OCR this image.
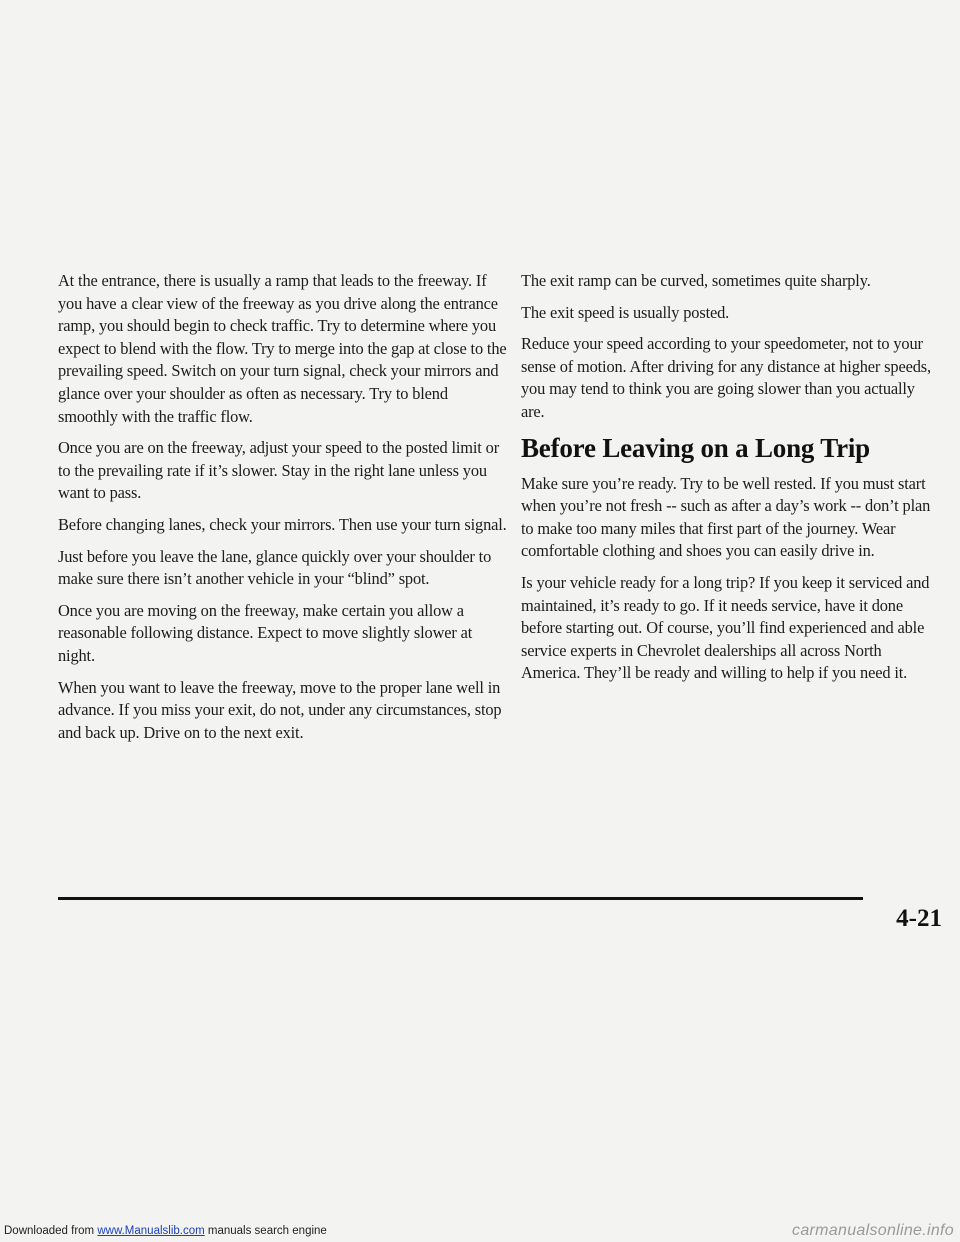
At the entrance, there is usually a ramp that leads to the freeway. If you have a clear view of the freeway as you drive along the entrance ramp, you should begin to check traffic. Try to determine where you expect to blend with the flow. Try to merge into the gap at close to the prevailing speed. Switch on your turn signal, check your mirrors and glance over your shoulder as often as necessary. Try to blend smoothly with the traffic flow.

Once you are on the freeway, adjust your speed to the posted limit or to the prevailing rate if it’s slower. Stay in the right lane unless you want to pass.

Before changing lanes, check your mirrors. Then use your turn signal.

Just before you leave the lane, glance quickly over your shoulder to make sure there isn’t another vehicle in your “blind” spot.

Once you are moving on the freeway, make certain you allow a reasonable following distance. Expect to move slightly slower at night.

When you want to leave the freeway, move to the proper lane well in advance. If you miss your exit, do not, under any circumstances, stop and back up. Drive on to the next exit.

The exit ramp can be curved, sometimes quite sharply.

The exit speed is usually posted.

Reduce your speed according to your speedometer, not to your sense of motion. After driving for any distance at higher speeds, you may tend to think you are going slower than you actually are.

Before Leaving on a Long Trip

Make sure you’re ready. Try to be well rested. If you must start when you’re not fresh -- such as after a day’s work -- don’t plan to make too many miles that first part of the journey. Wear comfortable clothing and shoes you can easily drive in.

Is your vehicle ready for a long trip? If you keep it serviced and maintained, it’s ready to go. If it needs service, have it done before starting out. Of course, you’ll find experienced and able service experts in Chevrolet dealerships all across North America. They’ll be ready and willing to help if you need it.

4-21
Downloaded from www.Manualslib.com manuals search engine	carmanualsonline.info
